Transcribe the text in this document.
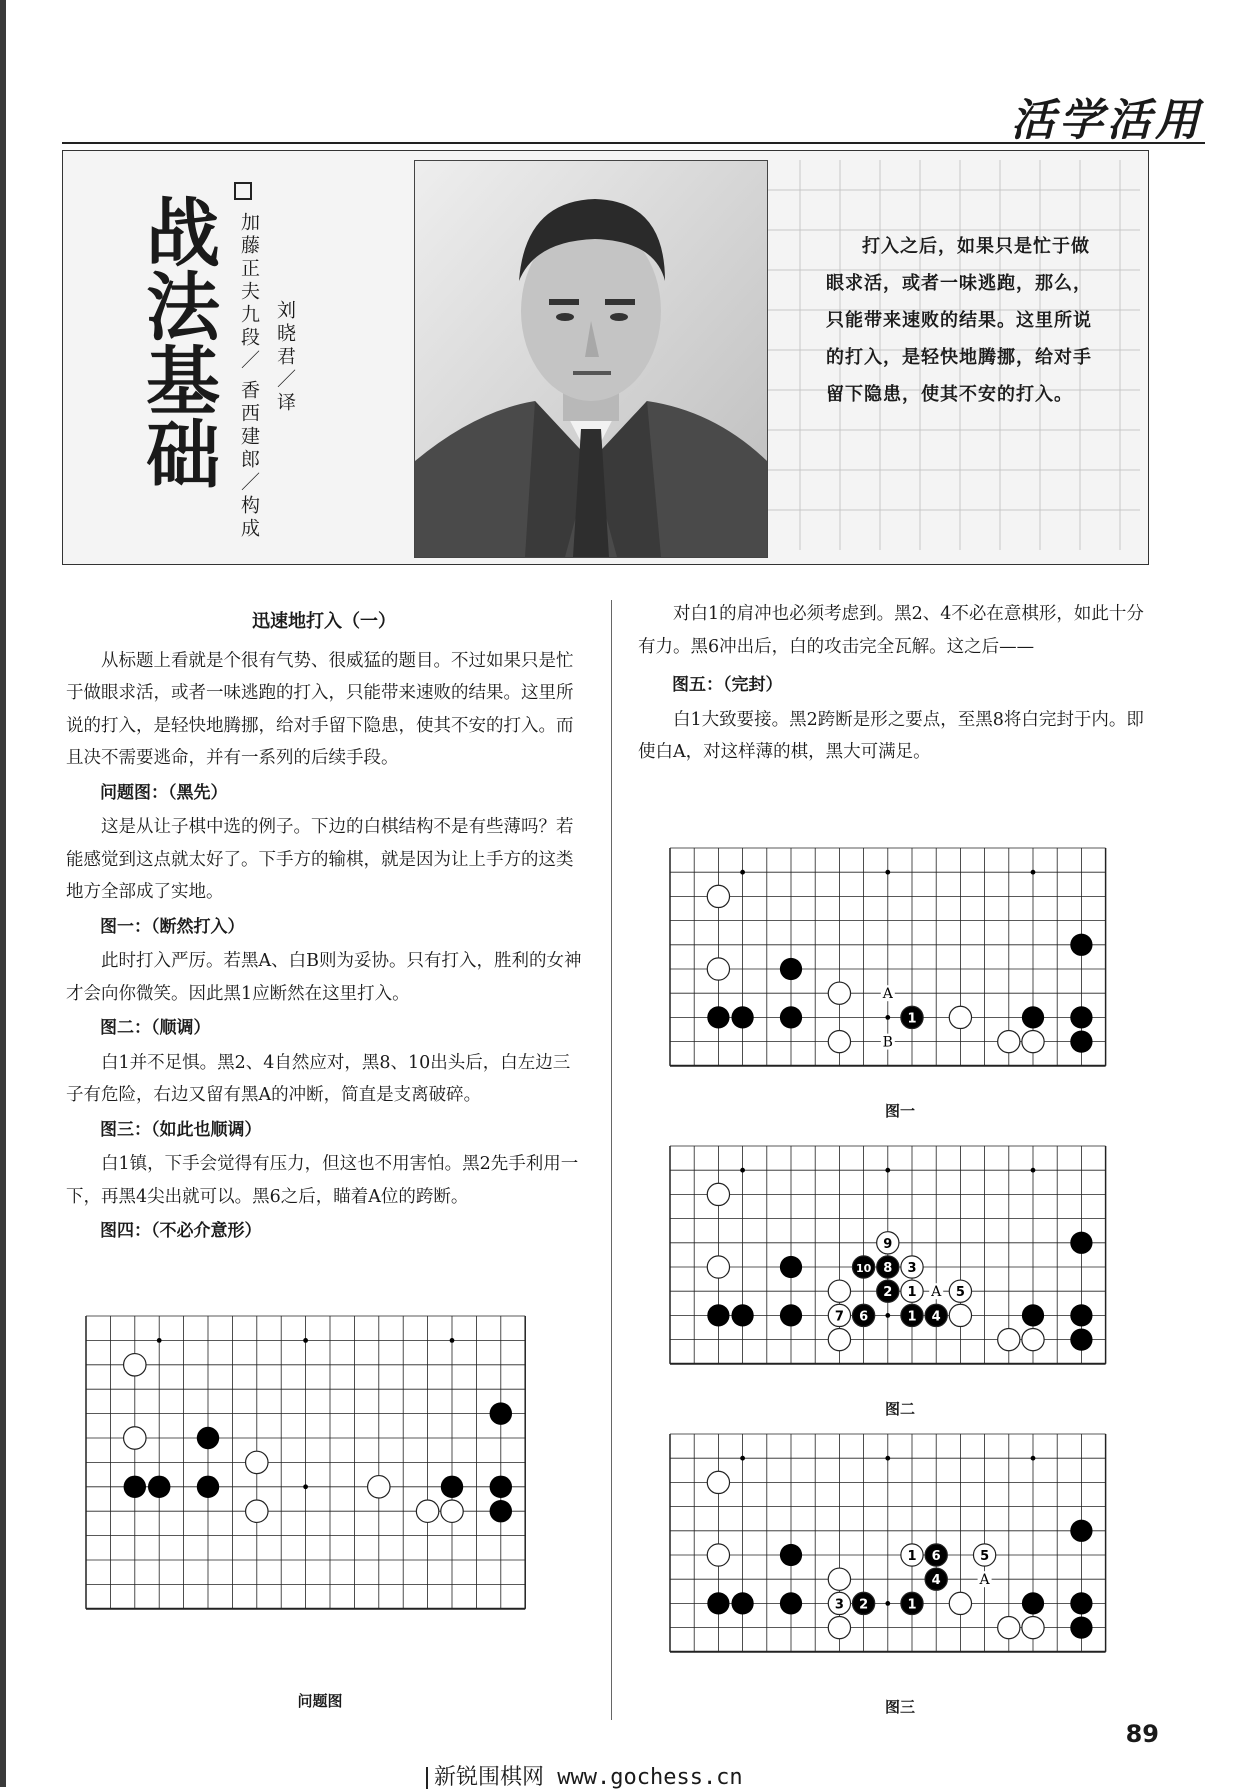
活学活用
战法基础 加藤正夫九段／
香西建郎／构成
刘晓君／译
打入之后，如果只是忙于做眼求活，或者一味逃跑，那么，只能带来速败的结果。这里所说的打入，是轻快地腾挪，给对手留下隐患，使其不安的打入。
迅速地打入（一）

从标题上看就是个很有气势、很威猛的题目。不过如果只是忙于做眼求活，或者一味逃跑的打入，只能带来速败的结果。这里所说的打入，是轻快地腾挪，给对手留下隐患，使其不安的打入。而且决不需要逃命，并有一系列的后续手段。

问题图：（黑先）

这是从让子棋中选的例子。下边的白棋结构不是有些薄吗？若能感觉到这点就太好了。下手方的输棋，就是因为让上手方的这类地方全部成了实地。

图一：（断然打入）

此时打入严厉。若黑A、白B则为妥协。只有打入，胜利的女神才会向你微笑。因此黑1应断然在这里打入。

图二：（顺调）

白1并不足惧。黑2、4自然应对，黑8、10出头后，白左边三子有危险，右边又留有黑A的冲断，简直是支离破碎。

图三：（如此也顺调）

白1镇，下手会觉得有压力，但这也不用害怕。黑2先手利用一下，再黑4尖出就可以。黑6之后，瞄着A位的跨断。

图四：（不必介意形）

对白1的肩冲也必须考虑到。黑2、4不必在意棋形，如此十分有力。黑6冲出后，白的攻击完全瓦解。这之后——

图五：（完封）

白1大致要接。黑2跨断是形之要点，至黑8将白完封于内。即使白A，对这样薄的棋，黑大可满足。

问题图
1
A
B
图一
1
1
2
3
4
5
6
7
8
9
10
A
图二
1
1
2
3
4
5
6
A
图三
89
新锐围棋网 www.gochess.cn
